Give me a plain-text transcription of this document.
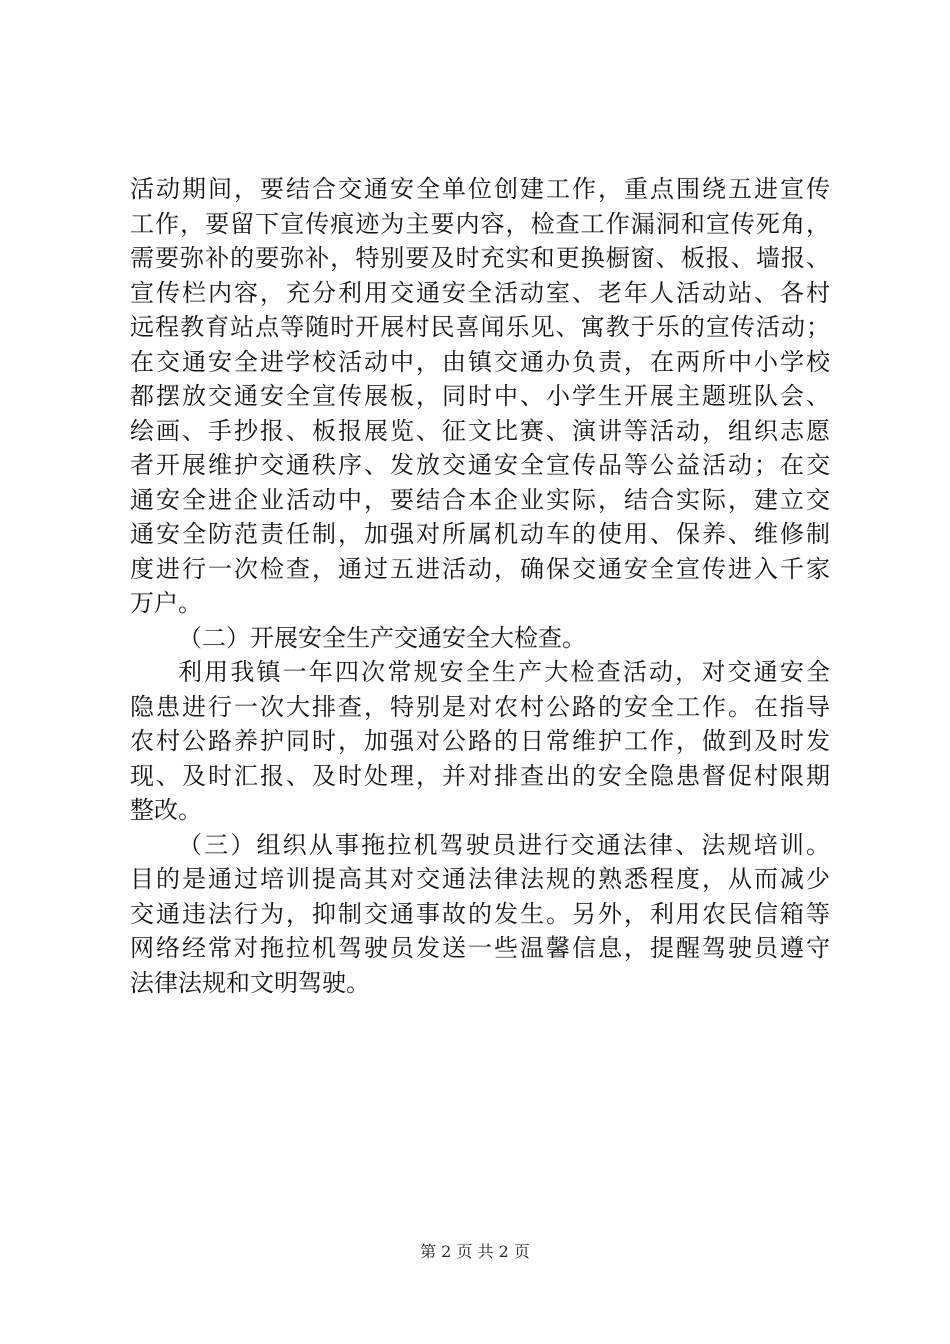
活动期间，要结合交通安全单位创建工作，重点围绕五进宣传
工作，要留下宣传痕迹为主要内容，检查工作漏洞和宣传死角，
需要弥补的要弥补，特别要及时充实和更换橱窗、板报、墙报、
宣传栏内容，充分利用交通安全活动室、老年人活动站、各村
远程教育站点等随时开展村民喜闻乐见、寓教于乐的宣传活动；
在交通安全进学校活动中，由镇交通办负责，在两所中小学校
都摆放交通安全宣传展板，同时中、小学生开展主题班队会、
绘画、手抄报、板报展览、征文比赛、演讲等活动，组织志愿
者开展维护交通秩序、发放交通安全宣传品等公益活动；在交
通安全进企业活动中，要结合本企业实际，结合实际，建立交
通安全防范责任制，加强对所属机动车的使用、保养、维修制
度进行一次检查，通过五进活动，确保交通安全宣传进入千家
万户。
（二）开展安全生产交通安全大检查。
利用我镇一年四次常规安全生产大检查活动，对交通安全
隐患进行一次大排查，特别是对农村公路的安全工作。在指导
农村公路养护同时，加强对公路的日常维护工作，做到及时发
现、及时汇报、及时处理，并对排查出的安全隐患督促村限期
整改。
（三）组织从事拖拉机驾驶员进行交通法律、法规培训。
目的是通过培训提高其对交通法律法规的熟悉程度，从而减少
交通违法行为，抑制交通事故的发生。另外，利用农民信箱等
网络经常对拖拉机驾驶员发送一些温馨信息，提醒驾驶员遵守
法律法规和文明驾驶。
第 2 页 共 2 页
